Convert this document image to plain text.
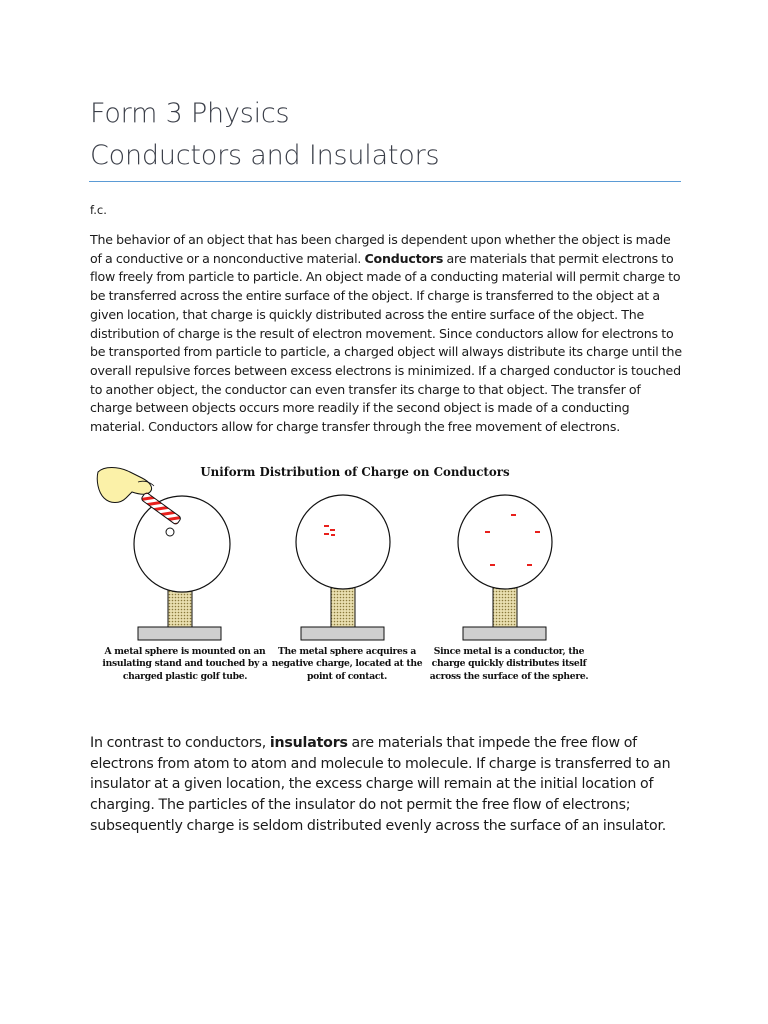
Form 3 Physics
Conductors and Insulators
f.c.

The behavior of an object that has been charged is dependent upon whether the object is made of a conductive or a nonconductive material. Conductors are materials that permit electrons to flow freely from particle to particle. An object made of a conducting material will permit charge to be transferred across the entire surface of the object. If charge is transferred to the object at a given location, that charge is quickly distributed across the entire surface of the object. The distribution of charge is the result of electron movement. Since conductors allow for electrons to be transported from particle to particle, a charged object will always distribute its charge until the overall repulsive forces between excess electrons is minimized. If a charged conductor is touched to another object, the conductor can even transfer its charge to that object. The transfer of charge between objects occurs more readily if the second object is made of a conducting material. Conductors allow for charge transfer through the free movement of electrons.

Uniform Distribution of Charge on Conductors
A metal sphere is mounted on an insulating stand and touched by a charged plastic golf tube.
The metal sphere acquires a negative charge, located at the point of contact.
Since metal is a conductor, the charge quickly distributes itself across the surface of the sphere.

In contrast to conductors, insulators are materials that impede the free flow of electrons from atom to atom and molecule to molecule. If charge is transferred to an insulator at a given location, the excess charge will remain at the initial location of charging. The particles of the insulator do not permit the free flow of electrons; subsequently charge is seldom distributed evenly across the surface of an insulator.
